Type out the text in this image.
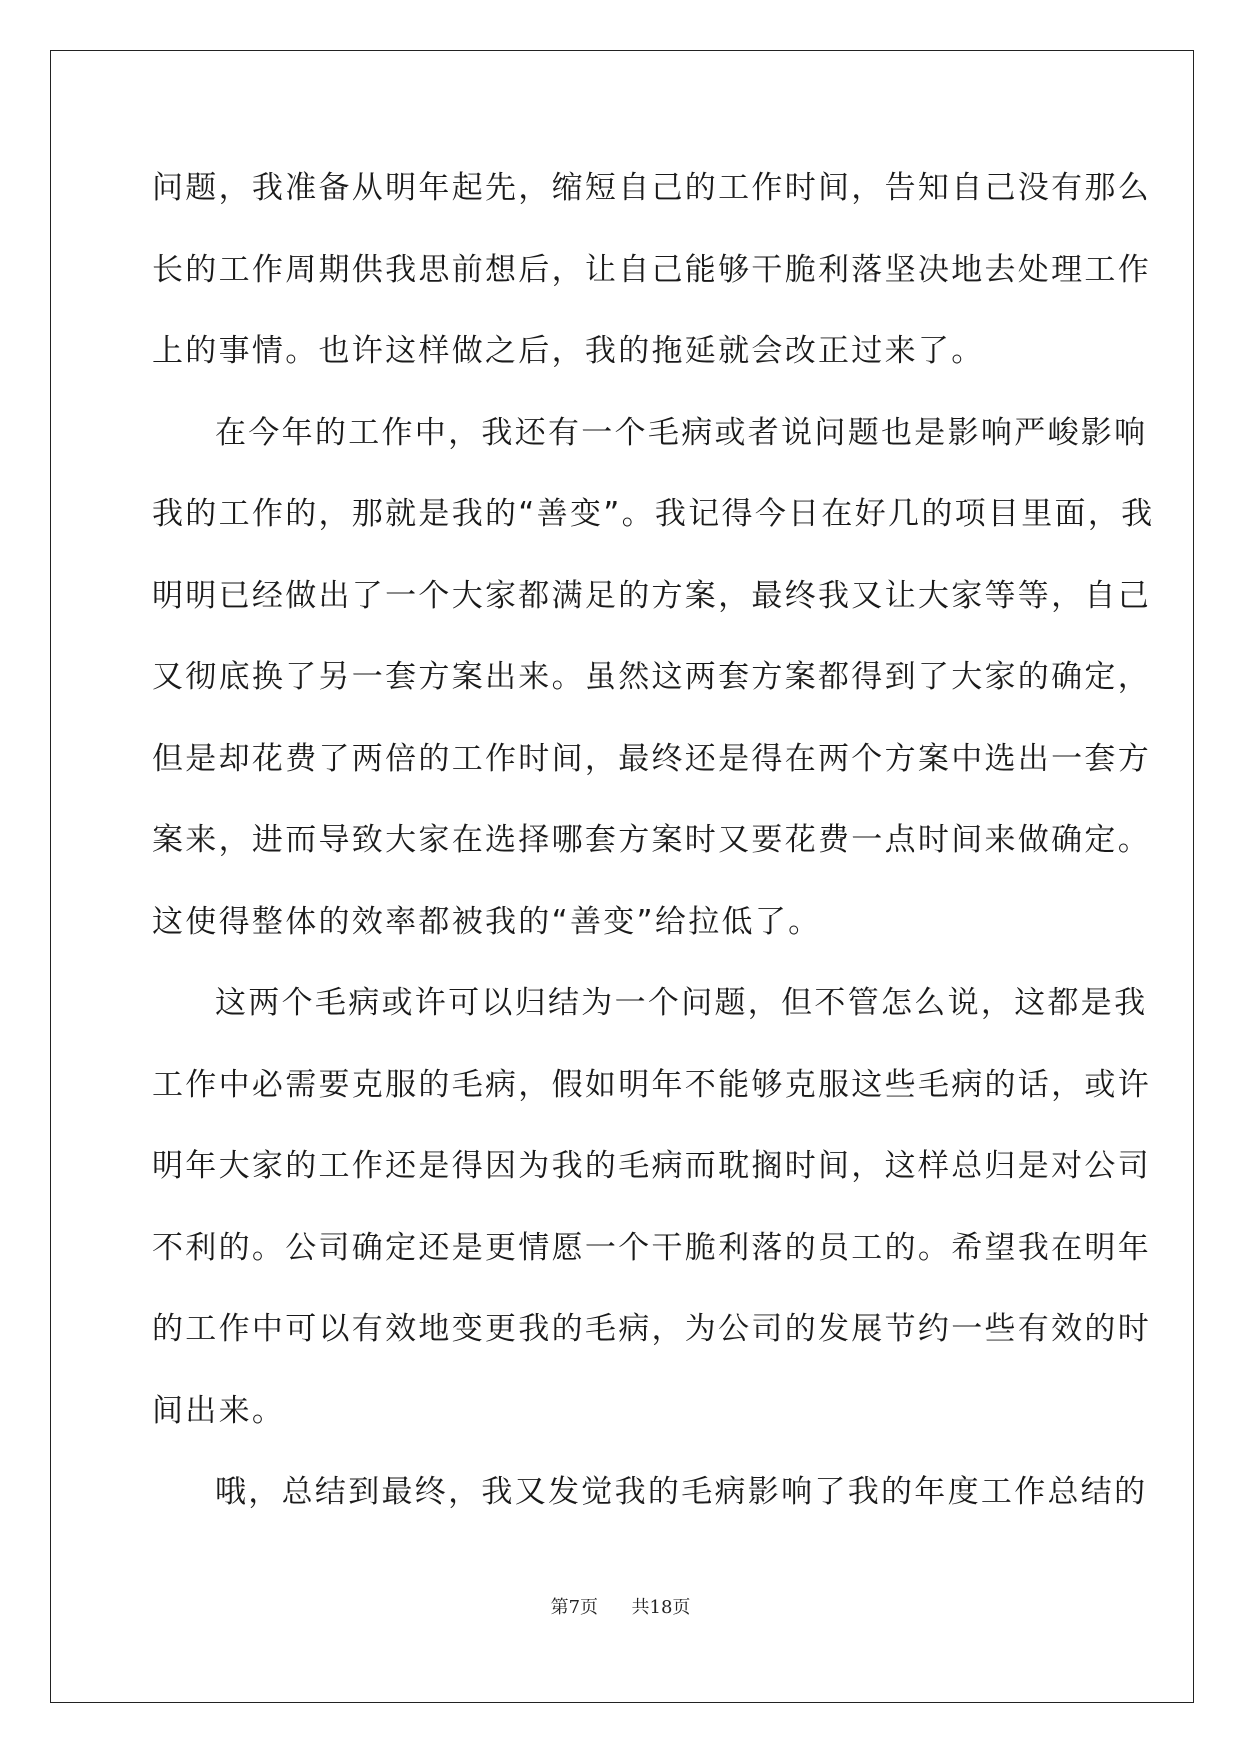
问题，我准备从明年起先，缩短自己的工作时间，告知自己没有那么
长的工作周期供我思前想后，让自己能够干脆利落坚决地去处理工作
上的事情。也许这样做之后，我的拖延就会改正过来了。
在今年的工作中，我还有一个毛病或者说问题也是影响严峻影响
我的工作的，那就是我的“善变”。我记得今日在好几的项目里面，我
明明已经做出了一个大家都满足的方案，最终我又让大家等等，自己
又彻底换了另一套方案出来。虽然这两套方案都得到了大家的确定，
但是却花费了两倍的工作时间，最终还是得在两个方案中选出一套方
案来，进而导致大家在选择哪套方案时又要花费一点时间来做确定。
这使得整体的效率都被我的“善变”给拉低了。
这两个毛病或许可以归结为一个问题，但不管怎么说，这都是我
工作中必需要克服的毛病，假如明年不能够克服这些毛病的话，或许
明年大家的工作还是得因为我的毛病而耽搁时间，这样总归是对公司
不利的。公司确定还是更情愿一个干脆利落的员工的。希望我在明年
的工作中可以有效地变更我的毛病，为公司的发展节约一些有效的时
间出来。
哦，总结到最终，我又发觉我的毛病影响了我的年度工作总结的
第7页 共18页
